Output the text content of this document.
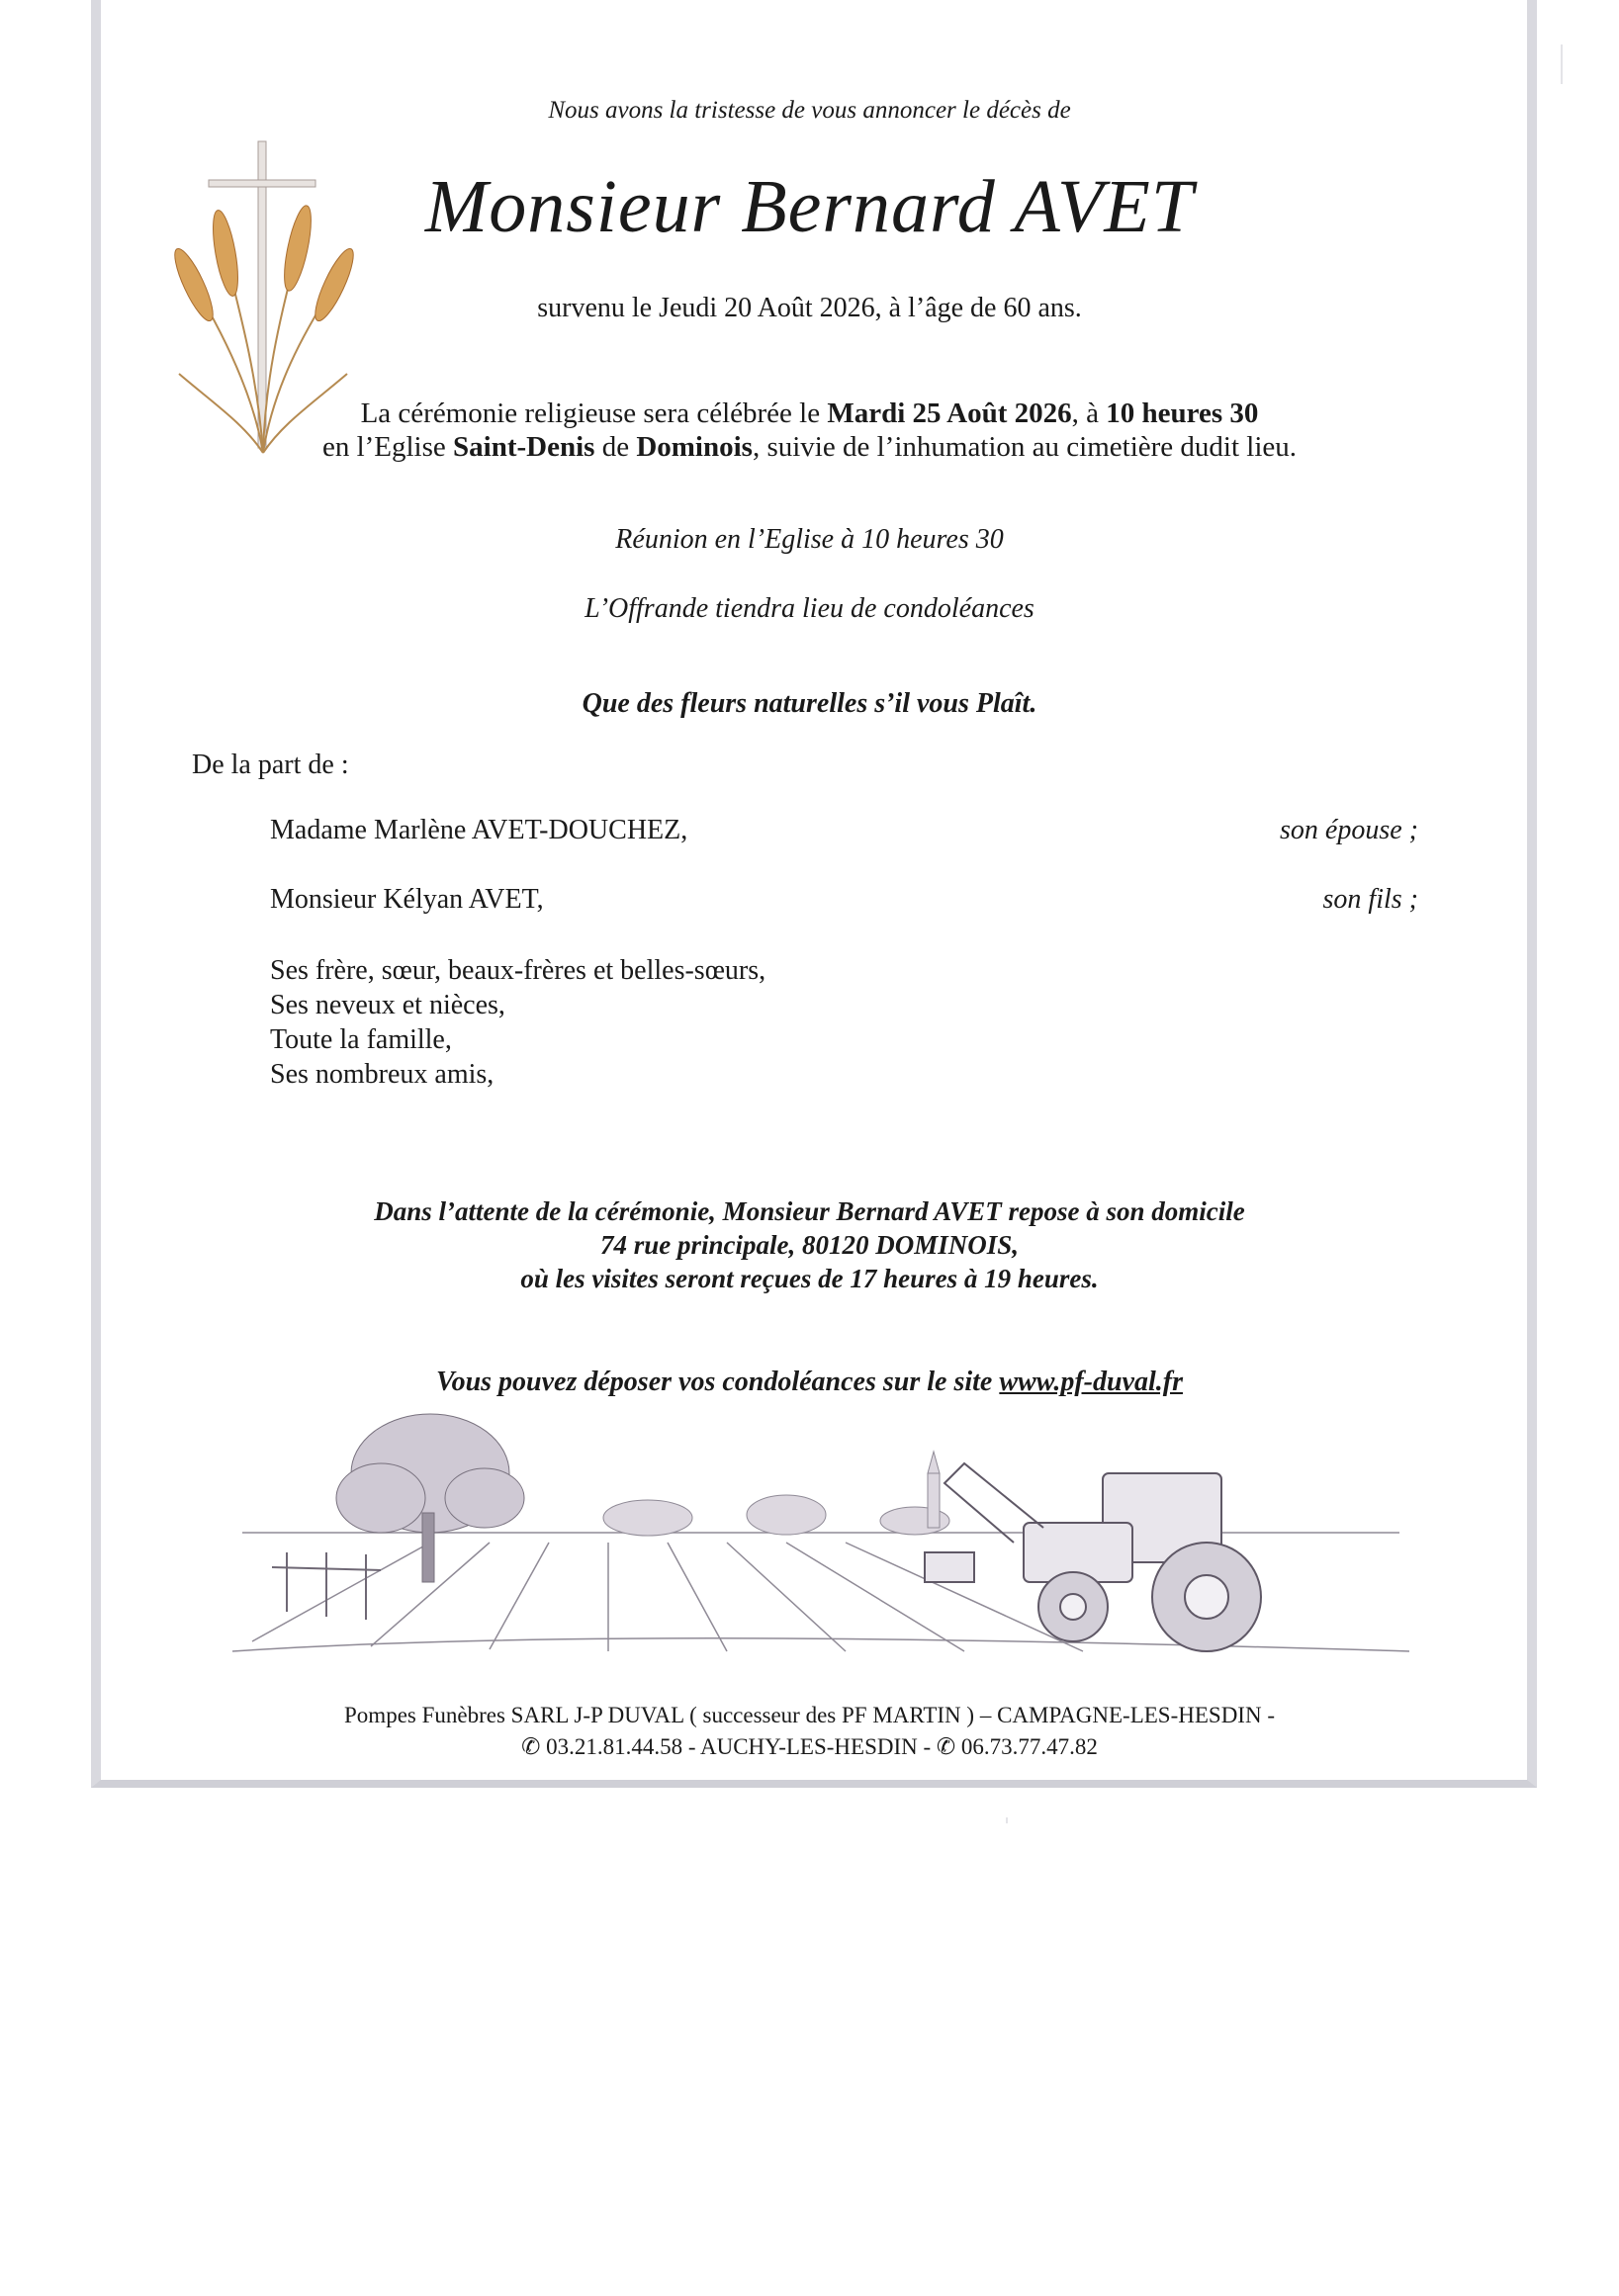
Nous avons la tristesse de vous annoncer le décès de
Monsieur Bernard AVET
survenu le Jeudi 20 Août 2026, à l’âge de 60 ans.
La cérémonie religieuse sera célébrée le Mardi 25 Août 2026, à 10 heures 30
en l’Eglise Saint-Denis de Dominois, suivie de l’inhumation au cimetière dudit lieu.
Réunion en l’Eglise à 10 heures 30
L’Offrande tiendra lieu de condoléances
Que des fleurs naturelles s’il vous Plaît.
De la part de :
Madame Marlène AVET-DOUCHEZ,	son épouse ;
Monsieur Kélyan AVET,	son fils ;
Ses frère, sœur, beaux-frères et belles-sœurs,
Ses neveux et nièces,
Toute la famille,
Ses nombreux amis,
Dans l’attente de la cérémonie, Monsieur Bernard AVET repose à son domicile
74 rue principale, 80120 DOMINOIS,
où les visites seront reçues de 17 heures à 19 heures.
Vous pouvez déposer vos condoléances sur le site www.pf-duval.fr
Pompes Funèbres SARL J-P DUVAL ( successeur des PF MARTIN ) – CAMPAGNE-LES-HESDIN -
✆ 03.21.81.44.58 - AUCHY-LES-HESDIN - ✆ 06.73.77.47.82
